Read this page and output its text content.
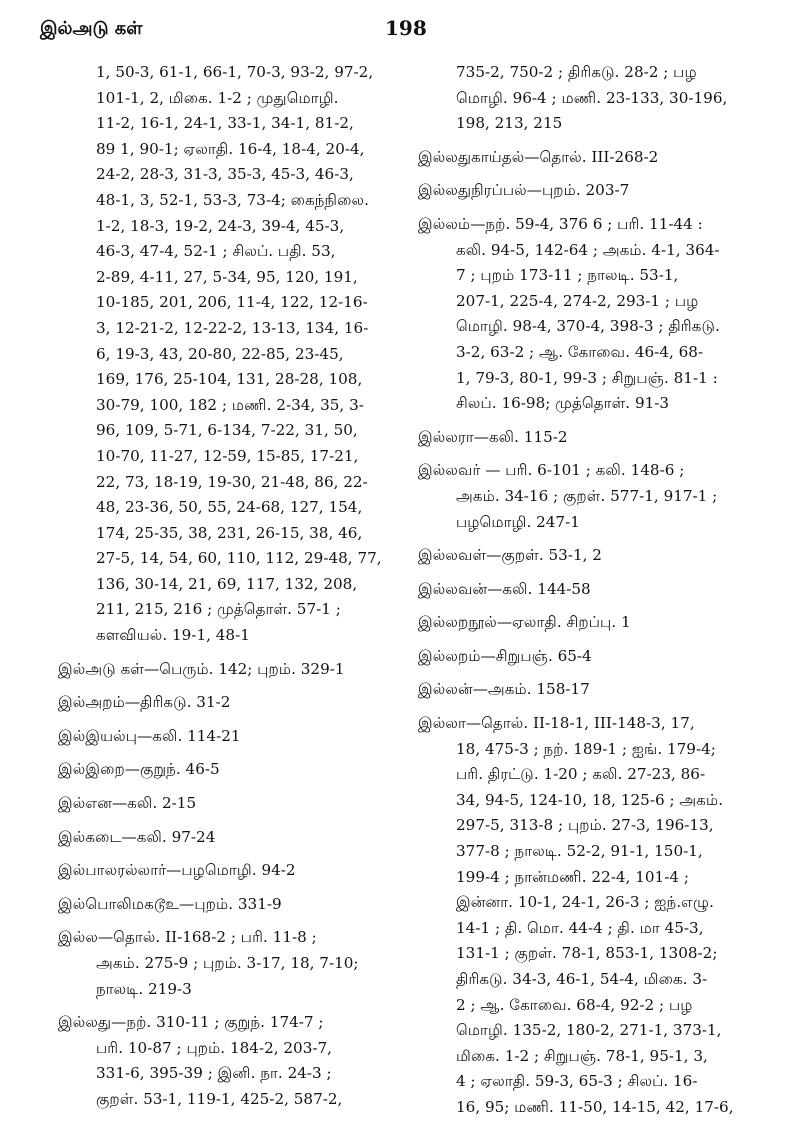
இல்அடு கள்	198
1, 50-3, 61-1, 66-1, 70-3, 93-2, 97-2,
101-1, 2, மிகை. 1-2 ; முதுமொழி.
11-2, 16-1, 24-1, 33-1, 34-1, 81-2,
89 1, 90-1; ஏலாதி. 16-4, 18-4, 20-4,
24-2, 28-3, 31-3, 35-3, 45-3, 46-3,
48-1, 3, 52-1, 53-3, 73-4; கைந்நிலை.
1-2, 18-3, 19-2, 24-3, 39-4, 45-3,
46-3, 47-4, 52-1 ; சிலப். பதி. 53,
2-89, 4-11, 27, 5-34, 95, 120, 191,
10-185, 201, 206, 11-4, 122, 12-16-
3, 12-21-2, 12-22-2, 13-13, 134, 16-
6, 19-3, 43, 20-80, 22-85, 23-45,
169, 176, 25-104, 131, 28-28, 108,
30-79, 100, 182 ; மணி. 2-34, 35, 3-
96, 109, 5-71, 6-134, 7-22, 31, 50,
10-70, 11-27, 12-59, 15-85, 17-21,
22, 73, 18-19, 19-30, 21-48, 86, 22-
48, 23-36, 50, 55, 24-68, 127, 154,
174, 25-35, 38, 231, 26-15, 38, 46,
27-5, 14, 54, 60, 110, 112, 29-48, 77,
136, 30-14, 21, 69, 117, 132, 208,
211, 215, 216 ; முத்தொள். 57-1 ;
களவியல். 19-1, 48-1
இல்அடு கள்—பெரும். 142; புறம். 329-1
இல்அறம்—திரிகடு. 31-2
இல்இயல்பு—கலி. 114-21
இல்இறை—குறுந். 46-5
இல்என—கலி. 2-15
இல்கடை—கலி. 97-24
இல்பாலரல்லார்—பழமொழி. 94-2
இல்பொலிமகடூஉ—புறம். 331-9
இல்ல—தொல். II-168-2 ; பரி. 11-8 ;
அகம். 275-9 ; புறம். 3-17, 18, 7-10;
நாலடி. 219-3
இல்லது—நற். 310-11 ; குறுந். 174-7 ;
பரி. 10-87 ; புறம். 184-2, 203-7,
331-6, 395-39 ; இனி. நா. 24-3 ;
குறள். 53-1, 119-1, 425-2, 587-2,
735-2, 750-2 ; திரிகடு. 28-2 ; பழ
மொழி. 96-4 ; மணி. 23-133, 30-196,
198, 213, 215
இல்லதுகாய்தல்—தொல். III-268-2
இல்லதுநிரப்பல்—புறம். 203-7
இல்லம்—நற். 59-4, 376 6 ; பரி. 11-44 :
கலி. 94-5, 142-64 ; அகம். 4-1, 364-
7 ; புறம் 173-11 ; நாலடி. 53-1,
207-1, 225-4, 274-2, 293-1 ; பழ
மொழி. 98-4, 370-4, 398-3 ; திரிகடு.
3-2, 63-2 ; ஆ. கோவை. 46-4, 68-
1, 79-3, 80-1, 99-3 ; சிறுபஞ். 81-1 :
சிலப். 16-98; முத்தொள். 91-3
இல்லரா—கலி. 115-2
இல்லவர் — பரி. 6-101 ; கலி. 148-6 ;
அகம். 34-16 ; குறள். 577-1, 917-1 ;
பழமொழி. 247-1
இல்லவள்—குறள். 53-1, 2
இல்லவன்—கலி. 144-58
இல்லறநூல்—ஏலாதி. சிறப்பு. 1
இல்லறம்—சிறுபஞ். 65-4
இல்லன்—அகம். 158-17
இல்லா—தொல். II-18-1, III-148-3, 17,
18, 475-3 ; நற். 189-1 ; ஐங். 179-4;
பரி. திரட்டு. 1-20 ; கலி. 27-23, 86-
34, 94-5, 124-10, 18, 125-6 ; அகம்.
297-5, 313-8 ; புறம். 27-3, 196-13,
377-8 ; நாலடி. 52-2, 91-1, 150-1,
199-4 ; நான்மணி. 22-4, 101-4 ;
இன்னா. 10-1, 24-1, 26-3 ; ஐந்.எழு.
14-1 ; தி. மொ. 44-4 ; தி. மா 45-3,
131-1 ; குறள். 78-1, 853-1, 1308-2;
திரிகடு. 34-3, 46-1, 54-4, மிகை. 3-
2 ; ஆ. கோவை. 68-4, 92-2 ; பழ
மொழி. 135-2, 180-2, 271-1, 373-1,
மிகை. 1-2 ; சிறுபஞ். 78-1, 95-1, 3,
4 ; ஏலாதி. 59-3, 65-3 ; சிலப். 16-
16, 95; மணி. 11-50, 14-15, 42, 17-6,
